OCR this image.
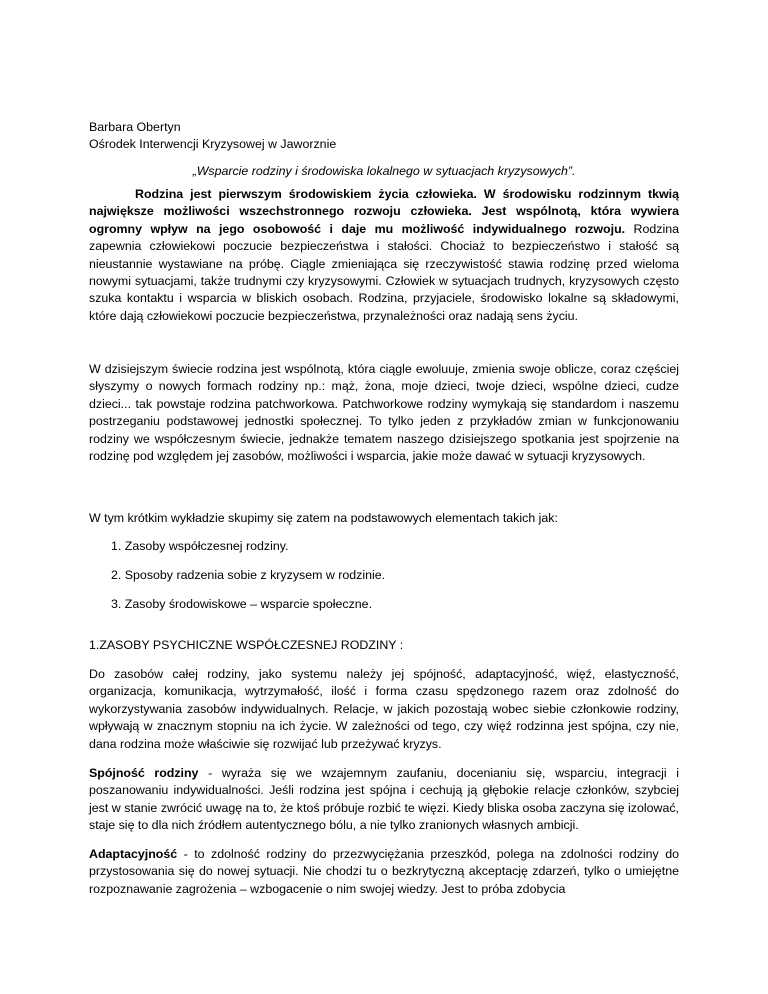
Barbara Obertyn
Ośrodek Interwencji Kryzysowej w Jaworznie
„Wsparcie rodziny i środowiska lokalnego w sytuacjach kryzysowych”.

Rodzina jest pierwszym środowiskiem życia człowieka. W środowisku rodzinnym tkwią największe możliwości wszechstronnego rozwoju człowieka. Jest wspólnotą, która wywiera ogromny wpływ na jego osobowość i daje mu możliwość indywidualnego rozwoju. Rodzina zapewnia człowiekowi poczucie bezpieczeństwa i stałości. Chociaż to bezpieczeństwo i stałość są nieustannie wystawiane na próbę. Ciągle zmieniająca się rzeczywistość stawia rodzinę przed wieloma nowymi sytuacjami, także trudnymi czy kryzysowymi. Człowiek w sytuacjach trudnych, kryzysowych często szuka kontaktu i wsparcia w bliskich osobach. Rodzina, przyjaciele, środowisko lokalne są składowymi, które dają człowiekowi poczucie bezpieczeństwa, przynależności oraz nadają sens życiu.

W dzisiejszym świecie rodzina jest wspólnotą, która ciągle ewoluuje, zmienia swoje oblicze, coraz częściej słyszymy o nowych formach rodziny np.: mąż, żona, moje dzieci, twoje dzieci, wspólne dzieci, cudze dzieci... tak powstaje rodzina patchworkowa. Patchworkowe rodziny wymykają się standardom i naszemu postrzeganiu podstawowej jednostki społecznej. To tylko jeden z przykładów zmian w funkcjonowaniu rodziny we współczesnym świecie, jednakże tematem naszego dzisiejszego spotkania jest spojrzenie na rodzinę pod względem jej zasobów, możliwości i wsparcia, jakie może dawać w sytuacji kryzysowych.

W tym krótkim wykładzie skupimy się zatem na podstawowych elementach takich jak:

1. Zasoby współczesnej rodziny.
2. Sposoby radzenia sobie z kryzysem w rodzinie.
3. Zasoby środowiskowe – wsparcie społeczne.
1.ZASOBY PSYCHICZNE WSPÓŁCZESNEJ RODZINY :

Do zasobów całej rodziny, jako systemu należy jej spójność, adaptacyjność, więź, elastyczność, organizacja, komunikacja, wytrzymałość, ilość i forma czasu spędzonego razem oraz zdolność do wykorzystywania zasobów indywidualnych. Relacje, w jakich pozostają wobec siebie członkowie rodziny, wpływają w znacznym stopniu na ich życie. W zależności od tego, czy więź rodzinna jest spójna, czy nie, dana rodzina może właściwie się rozwijać lub przeżywać kryzys.

Spójność rodziny - wyraża się we wzajemnym zaufaniu, docenianiu się, wsparciu, integracji i poszanowaniu indywidualności. Jeśli rodzina jest spójna i cechują ją głębokie relacje członków, szybciej jest w stanie zwrócić uwagę na to, że ktoś próbuje rozbić te więzi. Kiedy bliska osoba zaczyna się izolować, staje się to dla nich źródłem autentycznego bólu, a nie tylko zranionych własnych ambicji.

Adaptacyjność - to zdolność rodziny do przezwyciężania przeszkód, polega na zdolności rodziny do przystosowania się do nowej sytuacji. Nie chodzi tu o bezkrytyczną akceptację zdarzeń, tylko o umiejętne rozpoznawanie zagrożenia – wzbogacenie o nim swojej wiedzy. Jest to próba zdobycia
